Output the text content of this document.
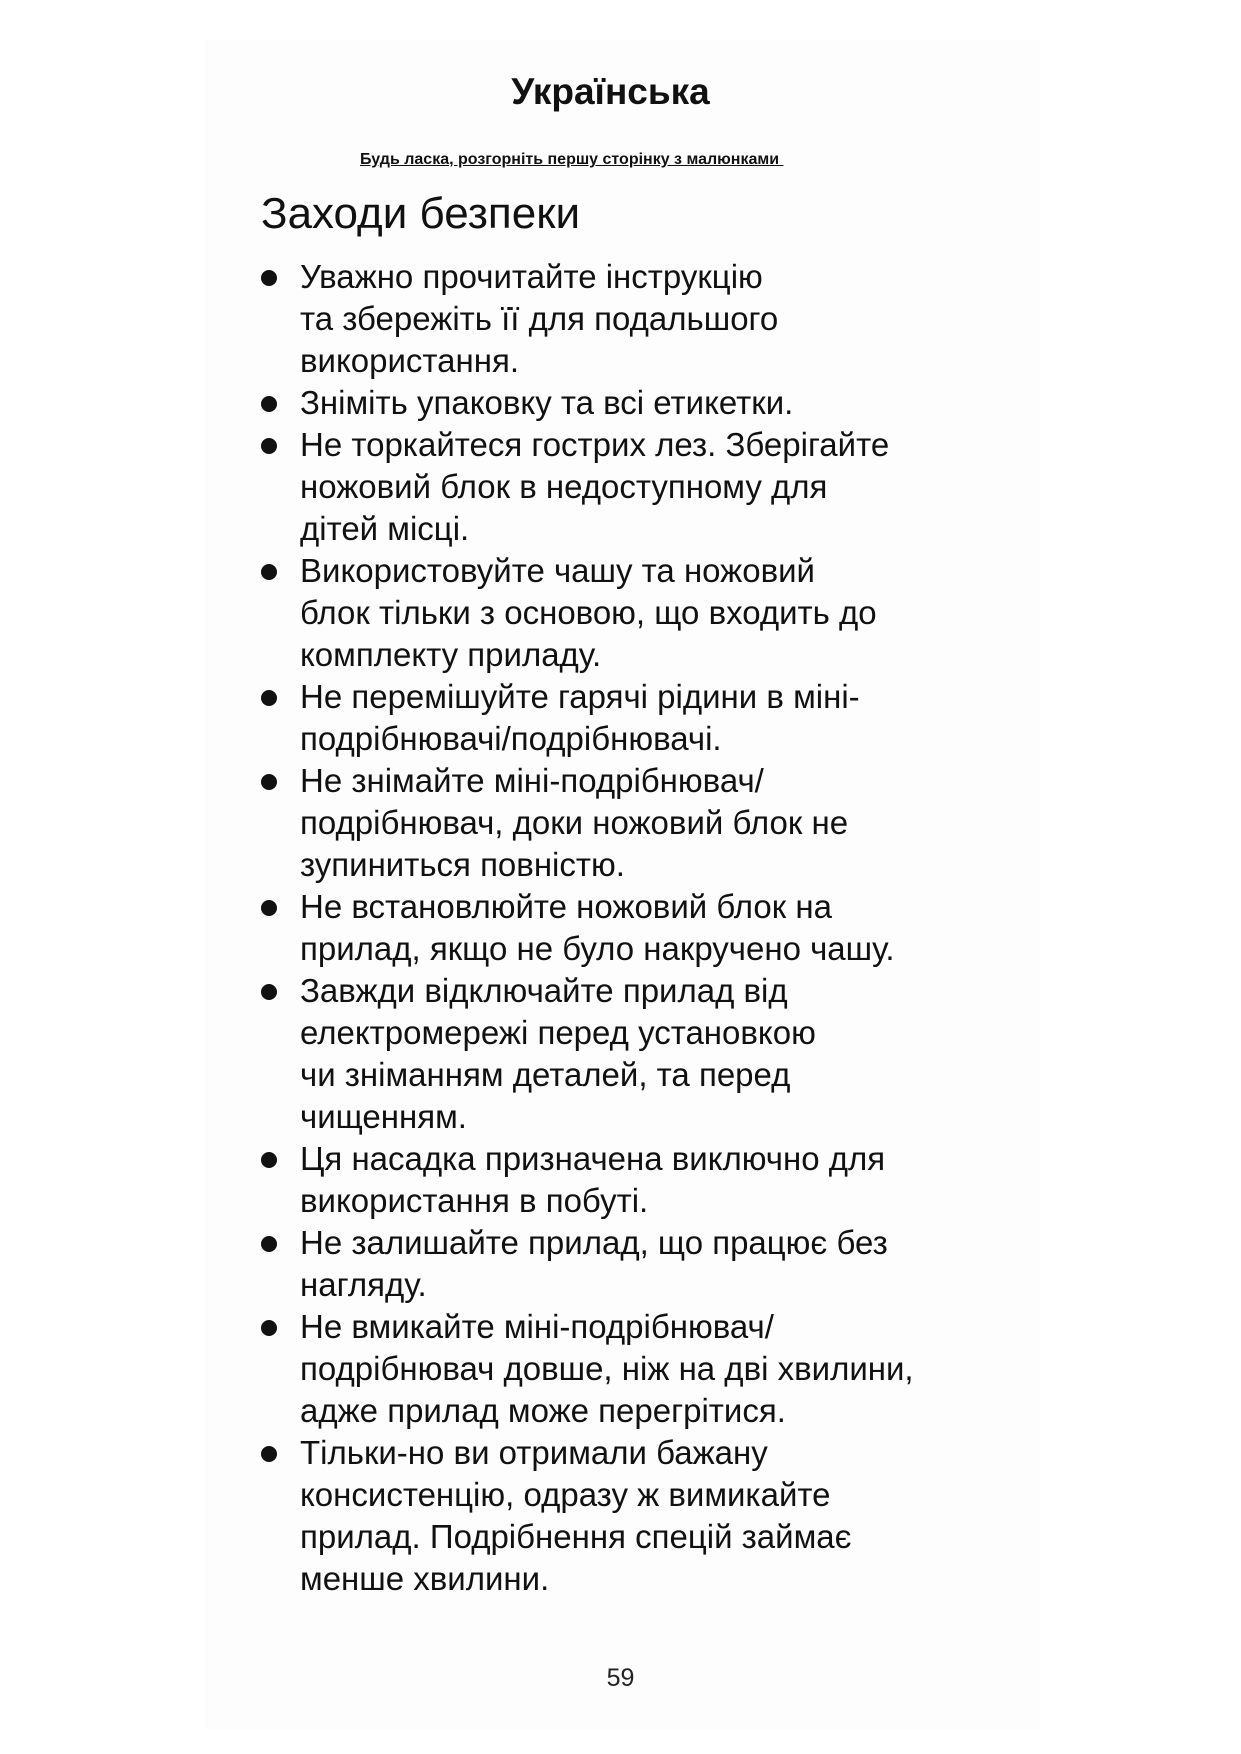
Українська
Будь ласка, розгорніть першу сторінку з малюнками
Заходи безпеки
Уважно прочитайте інструкцію
та збережіть її для подальшого
використання.
Зніміть упаковку та всі етикетки.
Не торкайтеся гострих лез. Зберігайте
ножовий блок в недоступному для
дітей місці.
Використовуйте чашу та ножовий
блок тільки з основою, що входить до
комплекту приладу.
Не перемішуйте гарячі рідини в міні-
подрібнювачі/подрібнювачі.
Не знімайте міні-подрібнювач/
подрібнювач, доки ножовий блок не
зупиниться повністю.
Не встановлюйте ножовий блок на
прилад, якщо не було накручено чашу.
Завжди відключайте прилад від
електромережі перед установкою
чи зніманням деталей, та перед
чищенням.
Ця насадка призначена виключно для
використання в побуті.
Не залишайте прилад, що працює без
нагляду.
Не вмикайте міні-подрібнювач/
подрібнювач довше, ніж на дві хвилини,
адже прилад може перегрітися.
Тільки-но ви отримали бажану
консистенцію, одразу ж вимикайте
прилад. Подрібнення спецій займає
менше хвилини.
59
